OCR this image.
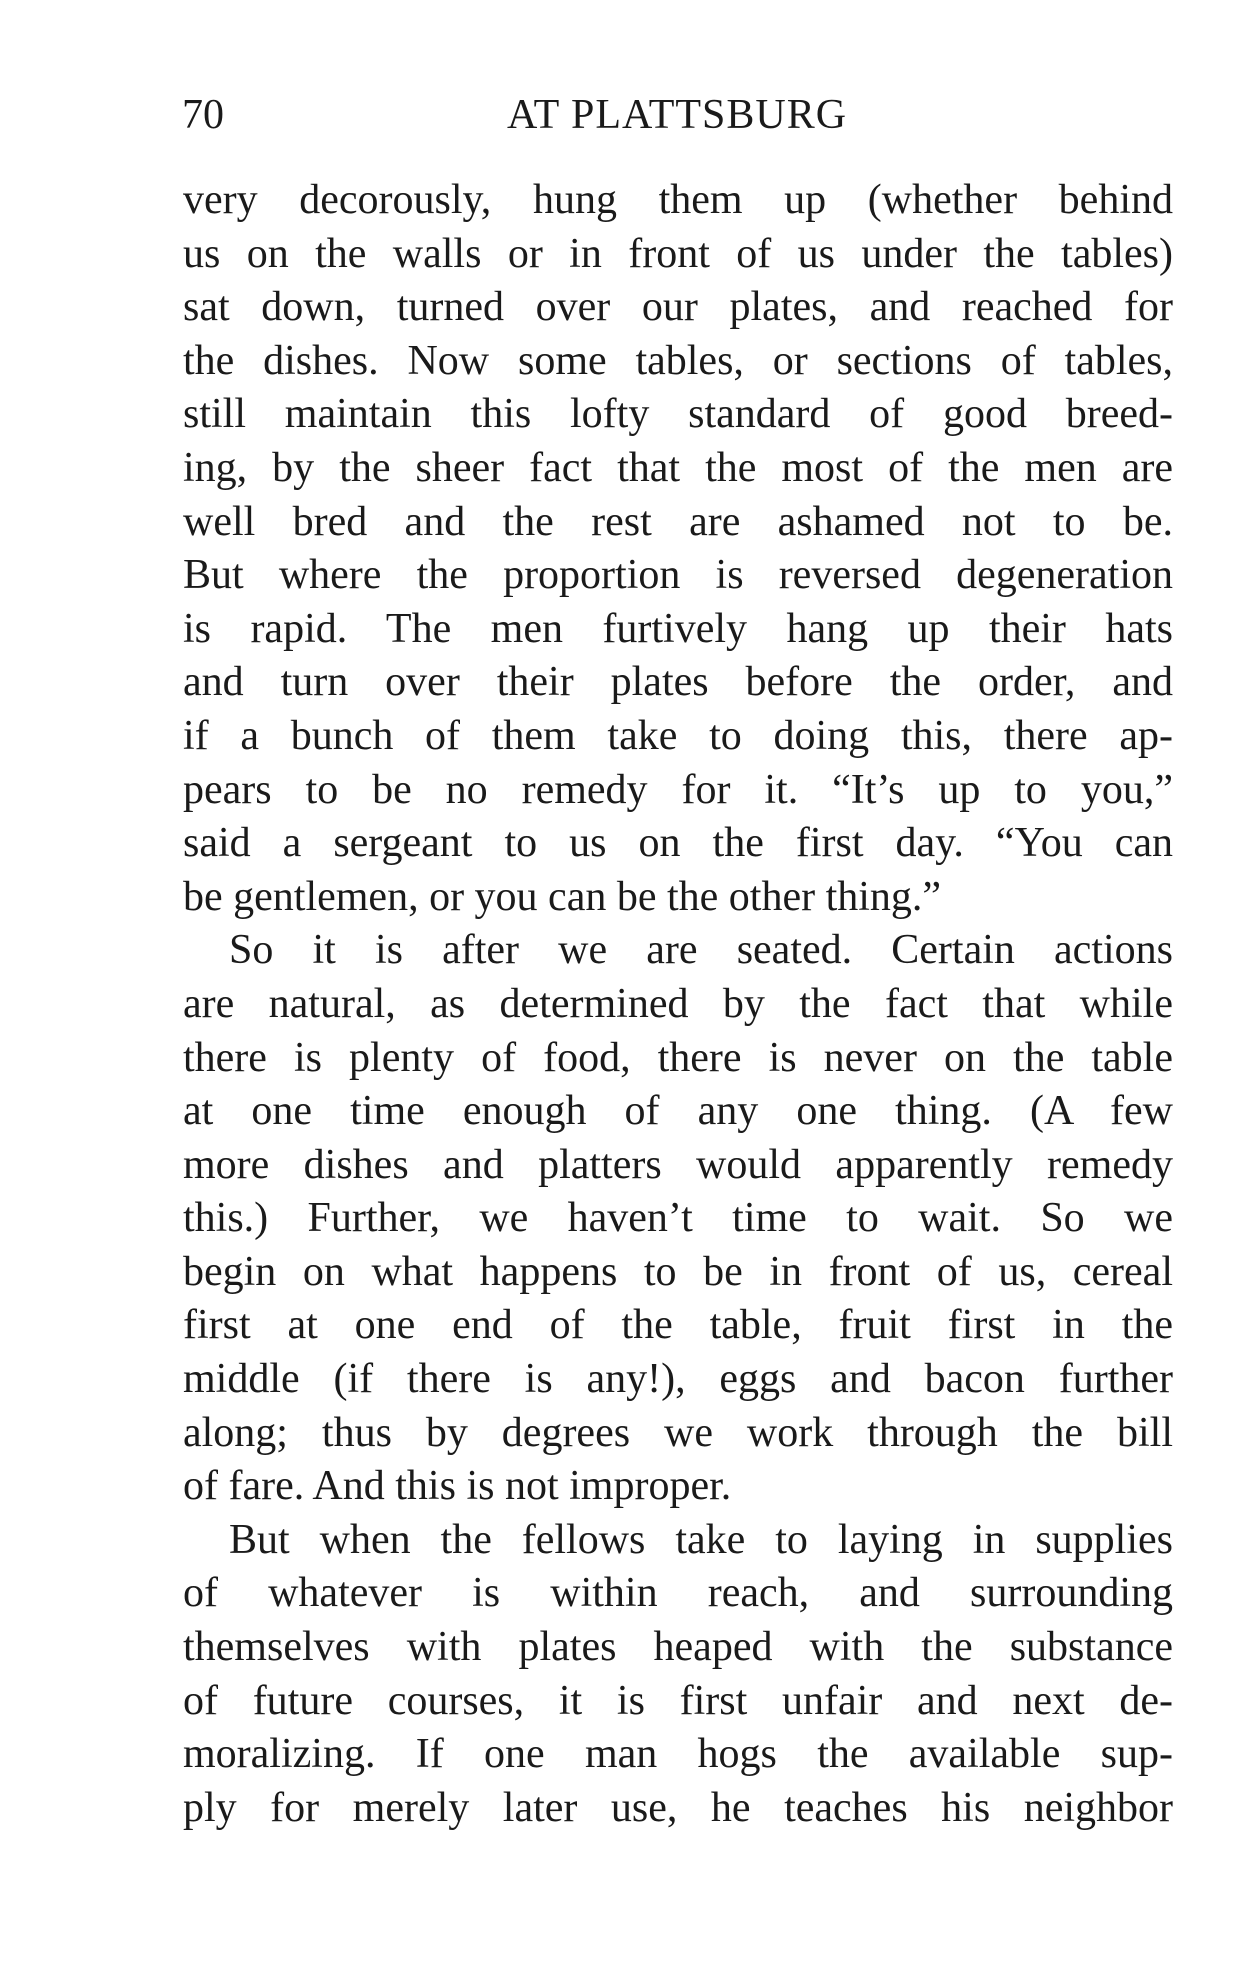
70	AT PLATTSBURG
very decorously, hung them up (whether behind
us on the walls or in front of us under the tables)
sat down, turned over our plates, and reached for
the dishes. Now some tables, or sections of tables,
still maintain this lofty standard of good breed-
ing, by the sheer fact that the most of the men are
well bred and the rest are ashamed not to be.
But where the proportion is reversed degeneration
is rapid. The men furtively hang up their hats
and turn over their plates before the order, and
if a bunch of them take to doing this, there ap-
pears to be no remedy for it. “It’s up to you,”
said a sergeant to us on the first day. “You can
be gentlemen, or you can be the other thing.”
So it is after we are seated. Certain actions
are natural, as determined by the fact that while
there is plenty of food, there is never on the table
at one time enough of any one thing. (A few
more dishes and platters would apparently remedy
this.) Further, we haven’t time to wait. So we
begin on what happens to be in front of us, cereal
first at one end of the table, fruit first in the
middle (if there is any!), eggs and bacon further
along; thus by degrees we work through the bill
of fare. And this is not improper.
But when the fellows take to laying in supplies
of whatever is within reach, and surrounding
themselves with plates heaped with the substance
of future courses, it is first unfair and next de-
moralizing. If one man hogs the available sup-
ply for merely later use, he teaches his neighbor
